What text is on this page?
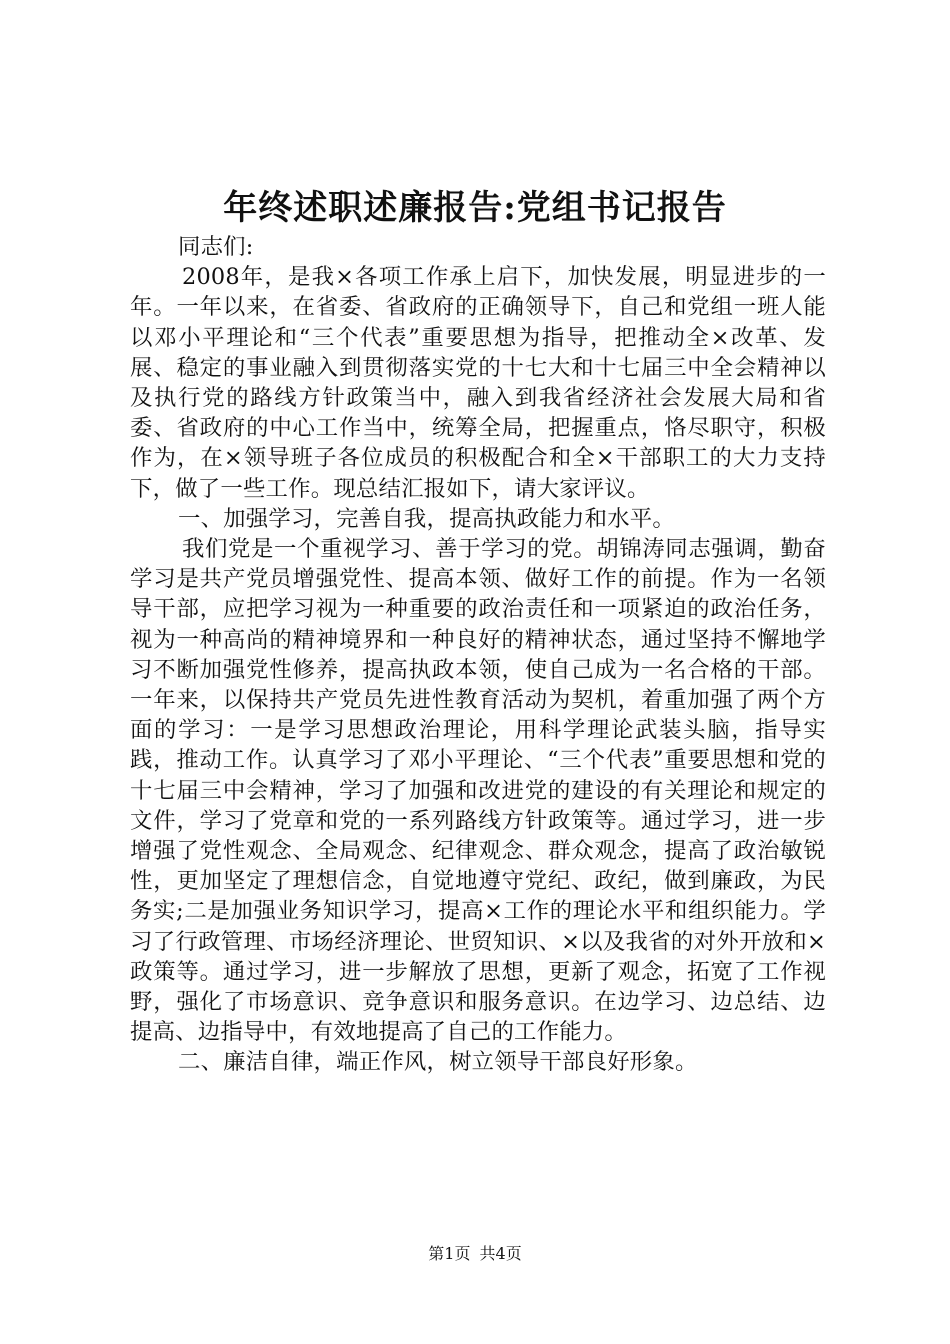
年终述职述廉报告:党组书记报告

同志们:

2008年，是我×各项工作承上启下，加快发展，明显进步的一年。一年以来，在省委、省政府的正确领导下，自己和党组一班人能以邓小平理论和“三个代表”重要思想为指导，把推动全×改革、发展、稳定的事业融入到贯彻落实党的十七大和十七届三中全会精神以及执行党的路线方针政策当中，融入到我省经济社会发展大局和省委、省政府的中心工作当中，统筹全局，把握重点，恪尽职守，积极作为，在×领导班子各位成员的积极配合和全×干部职工的大力支持下，做了一些工作。现总结汇报如下，请大家评议。

一、加强学习，完善自我，提高执政能力和水平。

我们党是一个重视学习、善于学习的党。胡锦涛同志强调，勤奋学习是共产党员增强党性、提高本领、做好工作的前提。作为一名领导干部，应把学习视为一种重要的政治责任和一项紧迫的政治任务，视为一种高尚的精神境界和一种良好的精神状态，通过坚持不懈地学习不断加强党性修养，提高执政本领，使自己成为一名合格的干部。一年来，以保持共产党员先进性教育活动为契机，着重加强了两个方面的学习：一是学习思想政治理论，用科学理论武装头脑，指导实践，推动工作。认真学习了邓小平理论、“三个代表”重要思想和党的十七届三中会精神，学习了加强和改进党的建设的有关理论和规定的文件，学习了党章和党的一系列路线方针政策等。通过学习，进一步增强了党性观念、全局观念、纪律观念、群众观念，提高了政治敏锐性，更加坚定了理想信念，自觉地遵守党纪、政纪，做到廉政，为民务实;二是加强业务知识学习，提高×工作的理论水平和组织能力。学习了行政管理、市场经济理论、世贸知识、×以及我省的对外开放和×政策等。通过学习，进一步解放了思想，更新了观念，拓宽了工作视野，强化了市场意识、竞争意识和服务意识。在边学习、边总结、边提高、边指导中，有效地提高了自己的工作能力。

二、廉洁自律，端正作风，树立领导干部良好形象。

第1页 共4页
